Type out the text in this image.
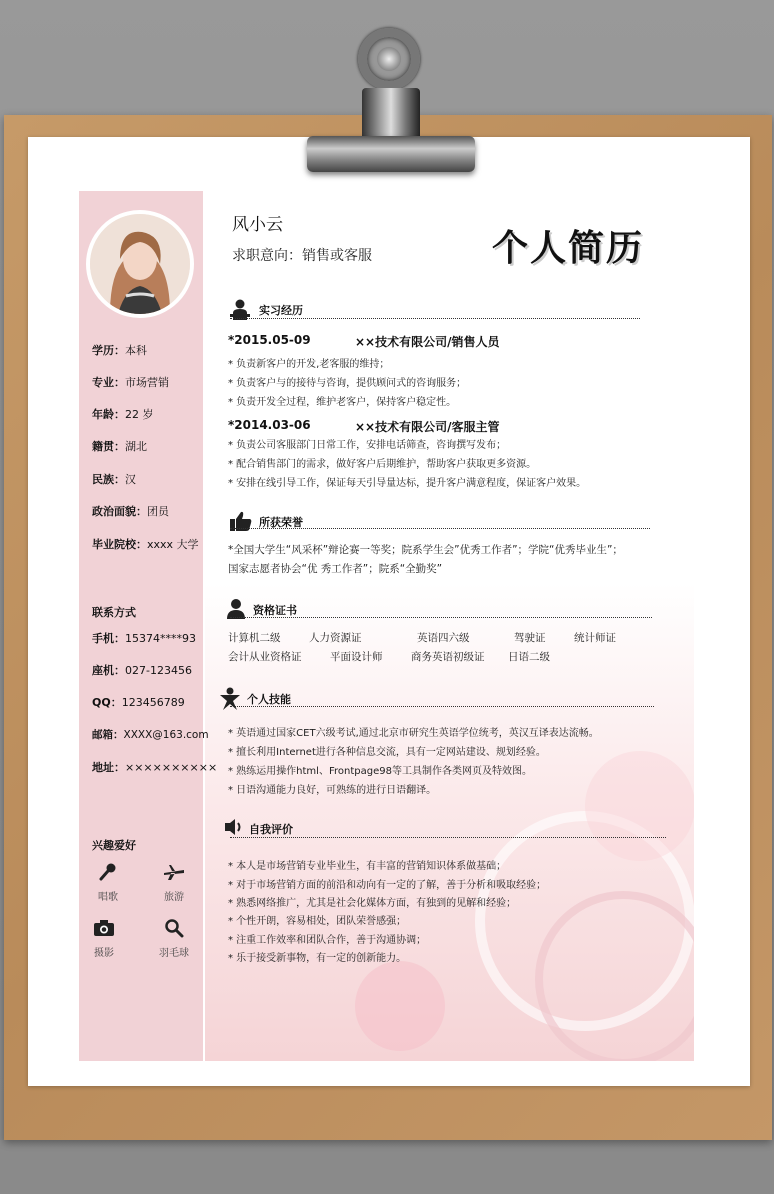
学历：本科
专业：市场营销
年龄：22 岁
籍贯：湖北
民族：汉
政治面貌：团员
毕业院校：xxxx 大学
联系方式
手机：15374****93
座机：027-123456
QQ：123456789
邮箱：XXXX@163.com
地址：××××××××××
兴趣爱好
唱歌	旅游
摄影	羽毛球
风小云
求职意向：销售或客服	个人简历
实习经历
*2015.05-09	××技术有限公司/销售人员
* 负责新客户的开发,老客服的维持；
* 负责客户与的接待与咨询，提供顾问式的咨询服务；
* 负责开发全过程，维护老客户，保持客户稳定性。
*2014.03-06	××技术有限公司/客服主管
* 负责公司客服部门日常工作，安排电话筛查，咨询撰写发布；
* 配合销售部门的需求，做好客户后期维护，帮助客户获取更多资源。
* 安排在线引导工作，保证每天引导量达标，提升客户满意程度，保证客户效果。
所获荣誉
*全国大学生“风采杯”辩论赛一等奖；院系学生会”优秀工作者”；学院“优秀毕业生”；
国家志愿者协会“优 秀工作者”；院系“全勤奖”
资格证书
计算机二级	人力资源证	英语四六级	驾驶证	统计师证
会计从业资格证	平面设计师	商务英语初级证 日语二级
个人技能
* 英语通过国家CET六级考试,通过北京市研究生英语学位统考，英汉互译表达流畅。
* 擅长利用Internet进行各种信息交流，具有一定网站建设、规划经验。
* 熟练运用操作html、Frontpage98等工具制作各类网页及特效图。
* 日语沟通能力良好，可熟练的进行日语翻译。
自我评价
* 本人是市场营销专业毕业生，有丰富的营销知识体系做基础；
* 对于市场营销方面的前沿和动向有一定的了解，善于分析和吸取经验；
* 熟悉网络推广，尤其是社会化媒体方面，有独到的见解和经验；
* 个性开朗，容易相处，团队荣誉感强；
* 注重工作效率和团队合作，善于沟通协调；
* 乐于接受新事物，有一定的创新能力。
